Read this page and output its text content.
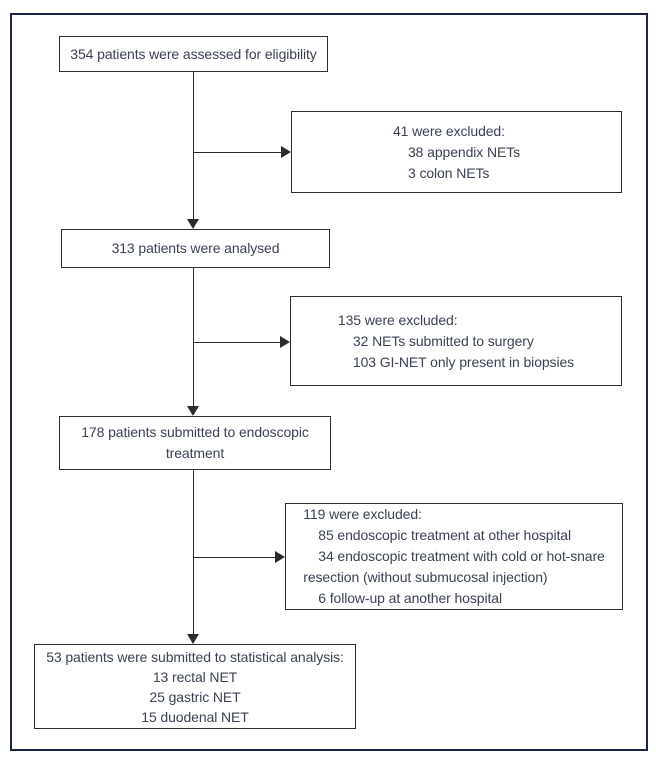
354 patients were assessed for eligibility
313 patients were analysed
178 patients submitted to endoscopic
treatment
53 patients were submitted to statistical analysis:
13 rectal NET
25 gastric NET
15 duodenal NET
41 were excluded:
38 appendix NETs
3 colon NETs
135 were excluded:
32 NETs submitted to surgery
103 GI-NET only present in biopsies
119 were excluded:
85 endoscopic treatment at other hospital
34 endoscopic treatment with cold or hot-snare
resection (without submucosal injection)
6 follow-up at another hospital
